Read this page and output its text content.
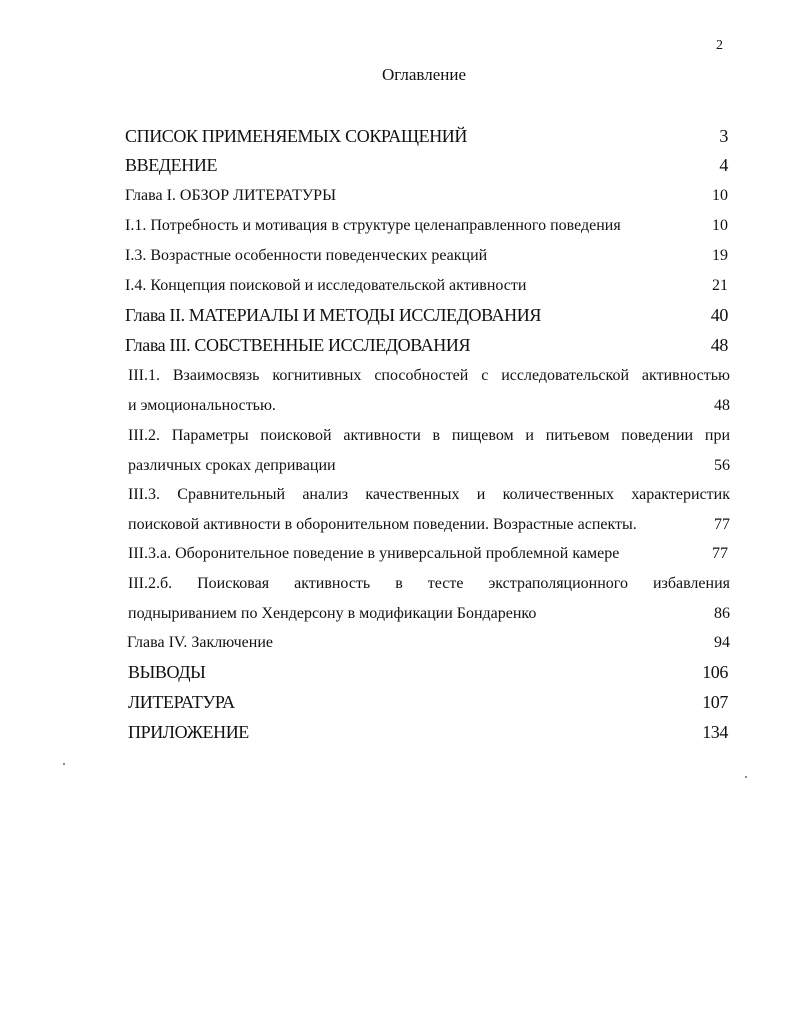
2
Оглавление
СПИСОК ПРИМЕНЯЕМЫХ СОКРАЩЕНИЙ	3
ВВЕДЕНИЕ	4
Глава I. ОБЗОР ЛИТЕРАТУРЫ	10
I.1. Потребность и мотивация в структуре целенаправленного поведения	10
I.3. Возрастные особенности поведенческих реакций	19
I.4. Концепция поисковой и исследовательской активности	21
Глава II. МАТЕРИАЛЫ И МЕТОДЫ ИССЛЕДОВАНИЯ	40
Глава III. СОБСТВЕННЫЕ ИССЛЕДОВАНИЯ	48
III.1. Взаимосвязь когнитивных способностей с исследовательской активностью
и эмоциональностью.	48
III.2. Параметры поисковой активности в пищевом и питьевом поведении при
различных сроках депривации	56
III.3. Сравнительный анализ качественных и количественных характеристик
поисковой активности в оборонительном поведении. Возрастные аспекты.	77
III.3.а. Оборонительное поведение в универсальной проблемной камере	77
III.2.б. Поисковая активность в тесте экстраполяционного избавления
подныриванием по Хендерсону в модификации Бондаренко	86
Глава IV. Заключение	94
ВЫВОДЫ	106
ЛИТЕРАТУРА	107
ПРИЛОЖЕНИЕ	134
